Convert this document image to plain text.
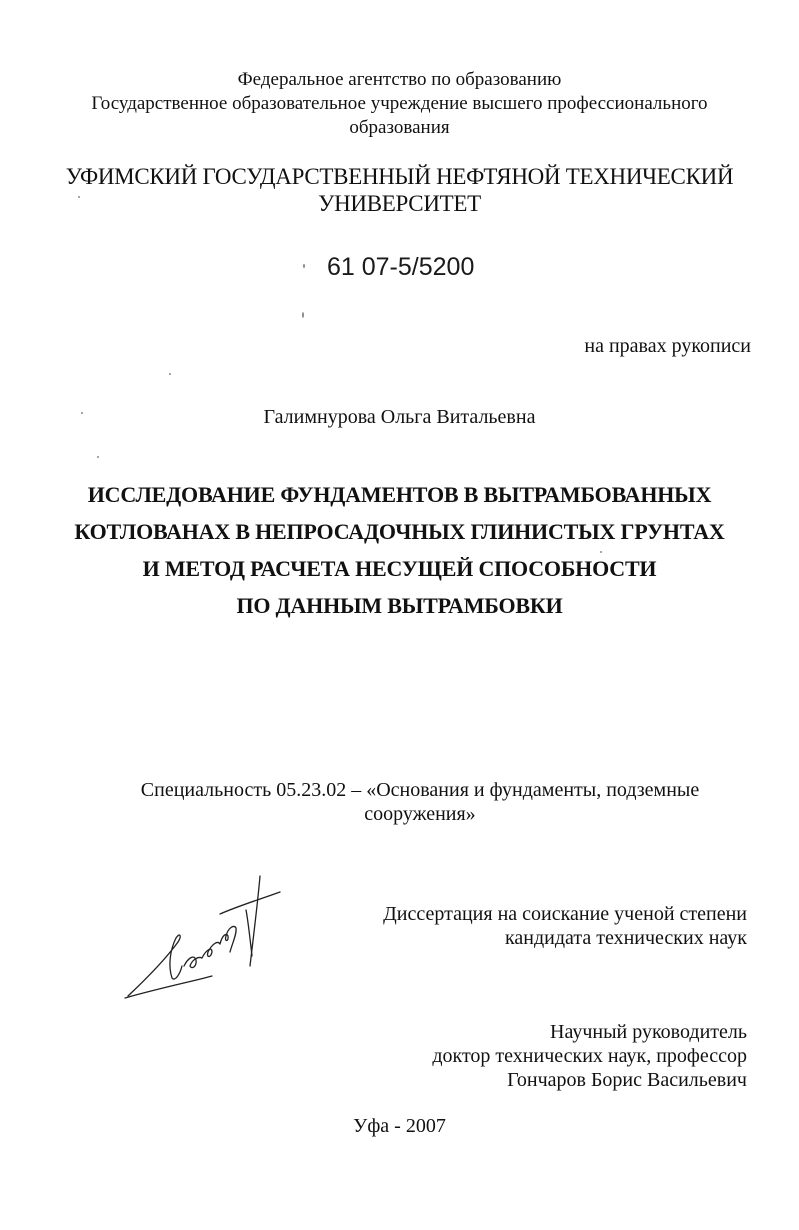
Федеральное агентство по образованию
Государственное образовательное учреждение высшего профессионального
образования
УФИМСКИЙ ГОСУДАРСТВЕННЫЙ НЕФТЯНОЙ ТЕХНИЧЕСКИЙ
УНИВЕРСИТЕТ
61 07-5/5200
на правах рукописи
Галимнурова Ольга Витальевна
ИССЛЕДОВАНИЕ ФУНДАМЕНТОВ В ВЫТРАМБОВАННЫХ
КОТЛОВАНАХ В НЕПРОСАДОЧНЫХ ГЛИНИСТЫХ ГРУНТАХ
И МЕТОД РАСЧЕТА НЕСУЩЕЙ СПОСОБНОСТИ
ПО ДАННЫМ ВЫТРАМБОВКИ
Специальность 05.23.02 – «Основания и фундаменты, подземные
сооружения»
Диссертация на соискание ученой степени
кандидата технических наук
Научный руководитель
доктор технических наук, профессор
Гончаров Борис Васильевич
Уфа - 2007
